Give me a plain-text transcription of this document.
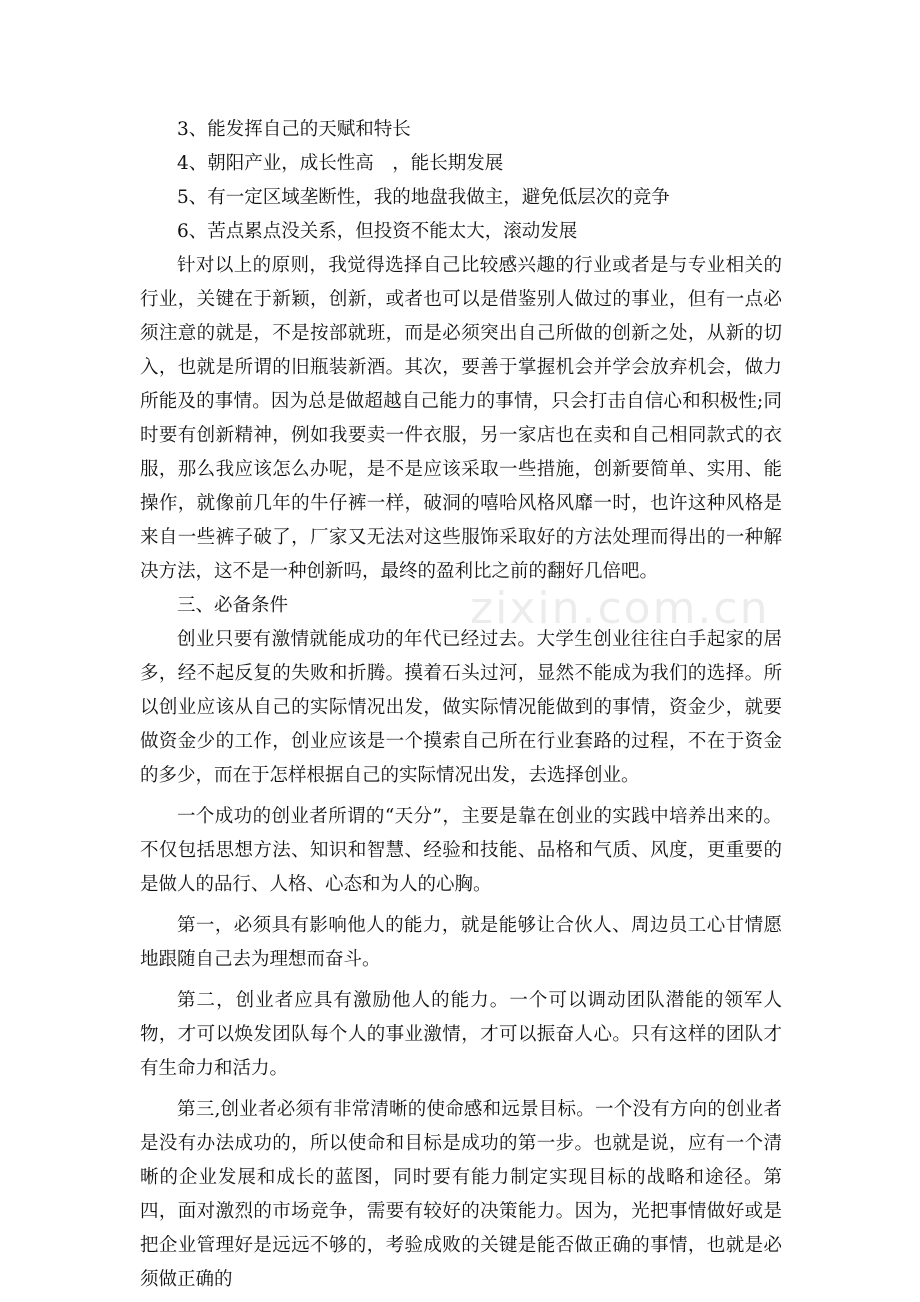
3、能发挥自己的天赋和特长

4、朝阳产业，成长性高　，能长期发展

5、有一定区域垄断性，我的地盘我做主，避免低层次的竞争

6、苦点累点没关系，但投资不能太大，滚动发展

针对以上的原则，我觉得选择自己比较感兴趣的行业或者是与专业相关的行业，关键在于新颖，创新，或者也可以是借鉴别人做过的事业，但有一点必须注意的就是，不是按部就班，而是必须突出自己所做的创新之处，从新的切入，也就是所谓的旧瓶装新酒。其次，要善于掌握机会并学会放弃机会，做力所能及的事情。因为总是做超越自己能力的事情，只会打击自信心和积极性;同时要有创新精神，例如我要卖一件衣服，另一家店也在卖和自己相同款式的衣服，那么我应该怎么办呢，是不是应该采取一些措施，创新要简单、实用、能操作，就像前几年的牛仔裤一样，破洞的嘻哈风格风靡一时，也许这种风格是来自一些裤子破了，厂家又无法对这些服饰采取好的方法处理而得出的一种解决方法，这不是一种创新吗，最终的盈利比之前的翻好几倍吧。

三、必备条件

创业只要有激情就能成功的年代已经过去。大学生创业往往白手起家的居多，经不起反复的失败和折腾。摸着石头过河，显然不能成为我们的选择。所以创业应该从自己的实际情况出发，做实际情况能做到的事情，资金少，就要做资金少的工作，创业应该是一个摸索自己所在行业套路的过程，不在于资金的多少，而在于怎样根据自己的实际情况出发，去选择创业。

一个成功的创业者所谓的“天分”，主要是靠在创业的实践中培养出来的。不仅包括思想方法、知识和智慧、经验和技能、品格和气质、风度，更重要的是做人的品行、人格、心态和为人的心胸。

第一，必须具有影响他人的能力，就是能够让合伙人、周边员工心甘情愿地跟随自己去为理想而奋斗。

第二，创业者应具有激励他人的能力。一个可以调动团队潜能的领军人物，才可以焕发团队每个人的事业激情，才可以振奋人心。只有这样的团队才有生命力和活力。

第三,创业者必须有非常清晰的使命感和远景目标。一个没有方向的创业者是没有办法成功的，所以使命和目标是成功的第一步。也就是说，应有一个清晰的企业发展和成长的蓝图，同时要有能力制定实现目标的战略和途径。第四，面对激烈的市场竞争，需要有较好的决策能力。因为，光把事情做好或是把企业管理好是远远不够的，考验成败的关键是能否做正确的事情，也就是必须做正确的

zixin.com.cn
